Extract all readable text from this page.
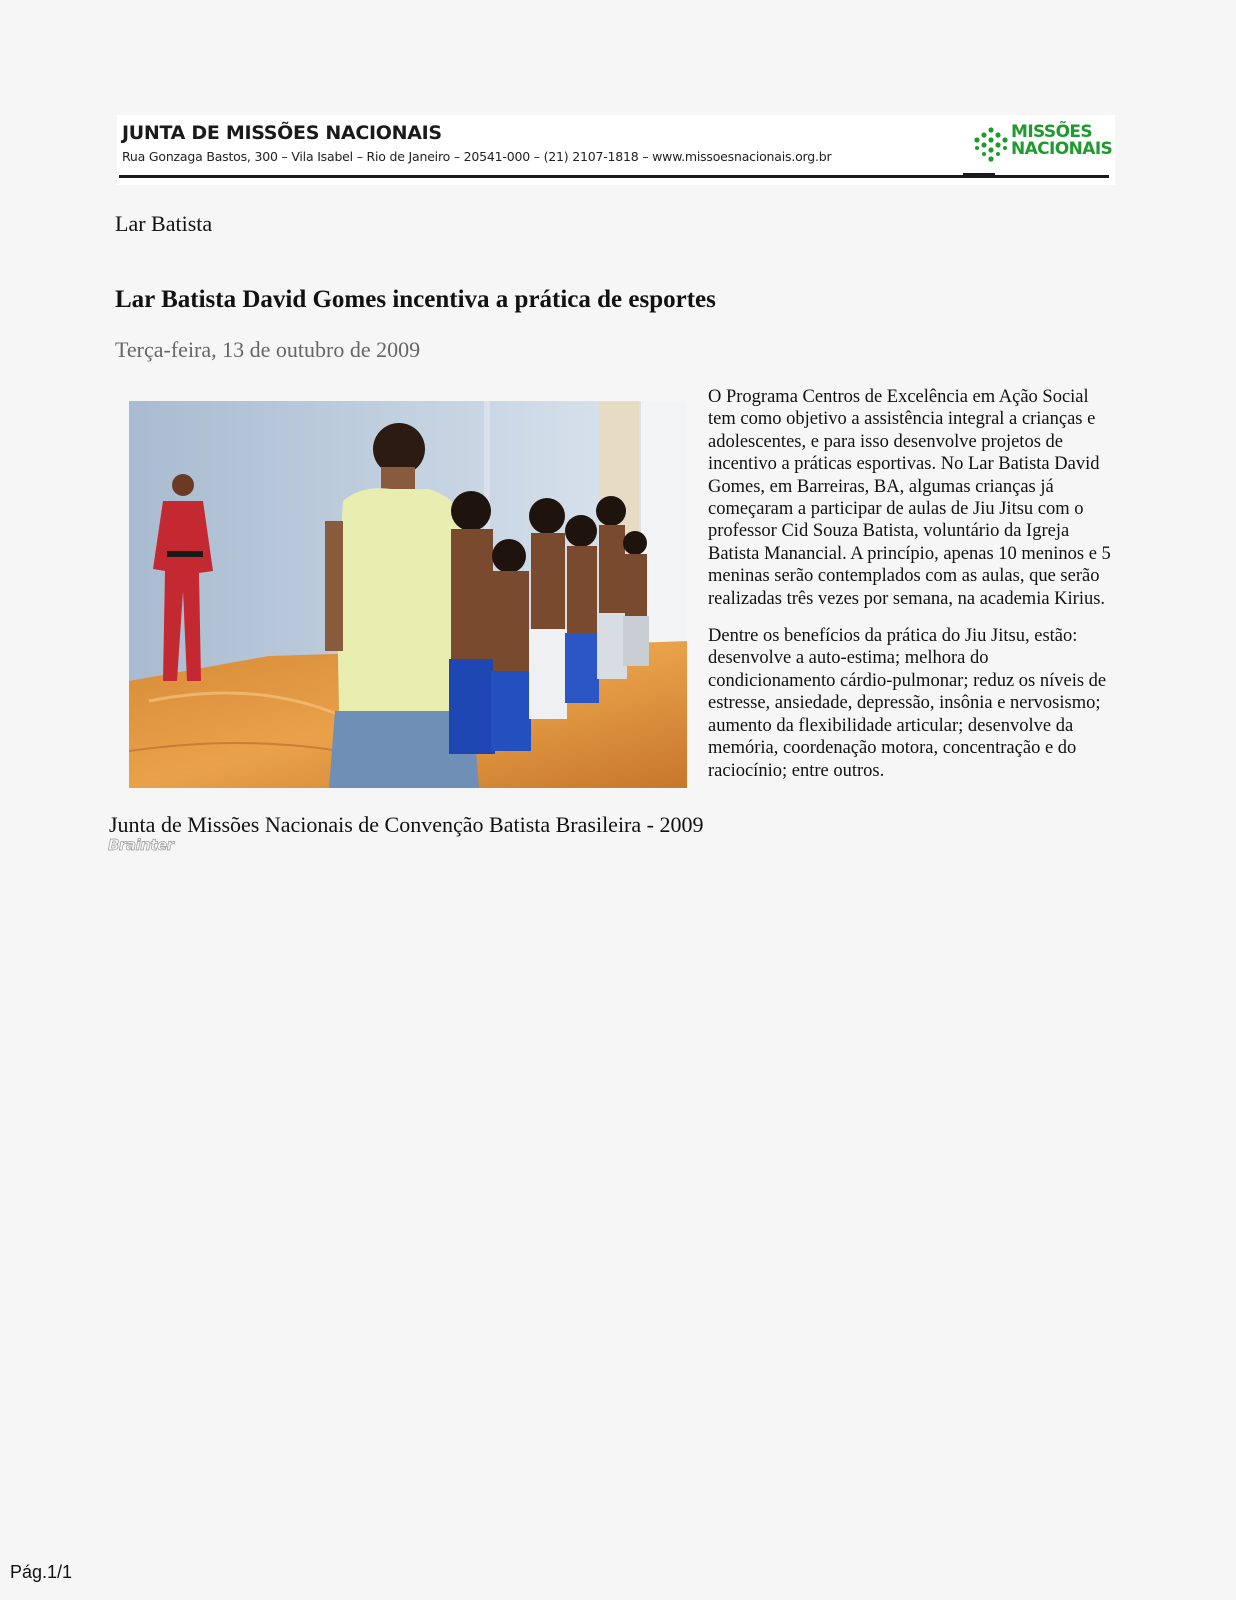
JUNTA DE MISSÕES NACIONAIS
Rua Gonzaga Bastos, 300 – Vila Isabel – Rio de Janeiro – 20541-000 – (21) 2107-1818 – www.missoesnacionais.org.br
MISSÕES
NACIONAIS
Lar Batista
Lar Batista David Gomes incentiva a prática de esportes
Terça-feira, 13 de outubro de 2009

O Programa Centros de Excelência em Ação Social tem como objetivo a assistência integral a crianças e adolescentes, e para isso desenvolve projetos de incentivo a práticas esportivas. No Lar Batista David Gomes, em Barreiras, BA, algumas crianças já começaram a participar de aulas de Jiu Jitsu com o professor Cid Souza Batista, voluntário da Igreja Batista Manancial. A princípio, apenas 10 meninos e 5 meninas serão contemplados com as aulas, que serão realizadas três vezes por semana, na academia Kirius.

Dentre os benefícios da prática do Jiu Jitsu, estão: desenvolve a auto-estima; melhora do condicionamento cárdio-pulmonar; reduz os níveis de estresse, ansiedade, depressão, insônia e nervosismo; aumento da flexibilidade articular; desenvolve da memória, coordenação motora, concentração e do raciocínio; entre outros.

Junta de Missões Nacionais de Convenção Batista Brasileira - 2009
Brainter
Pág.1/1
